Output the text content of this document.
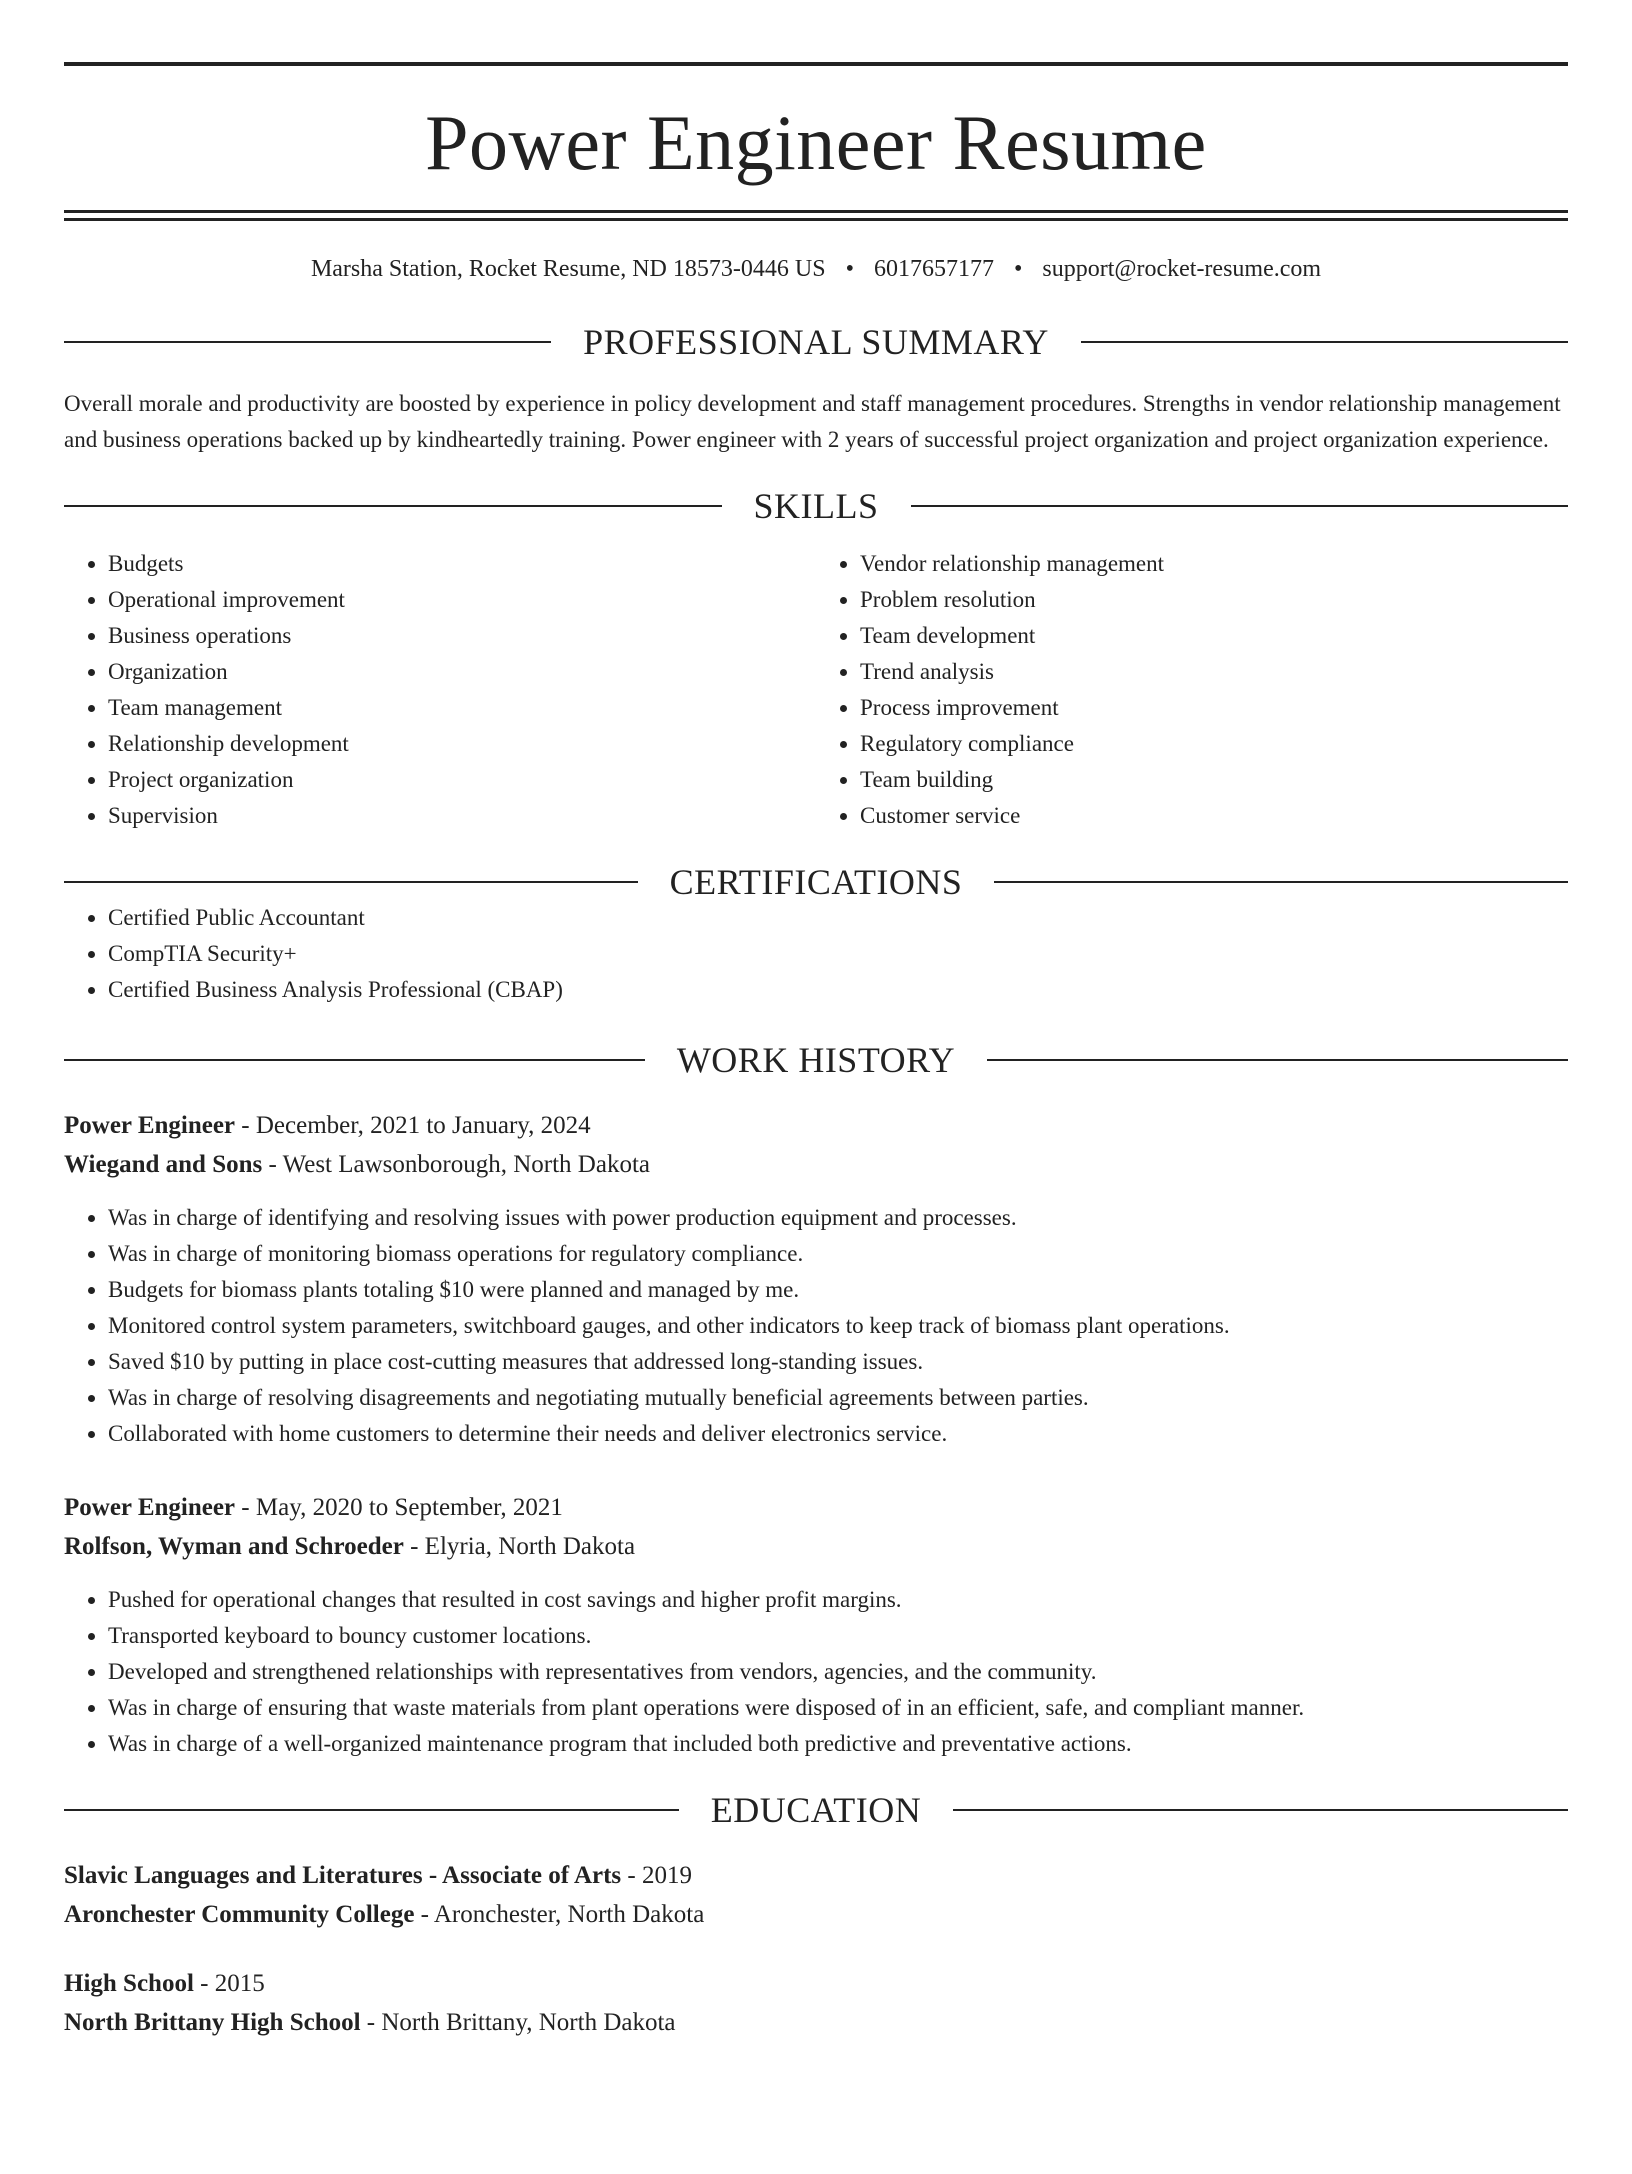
Power Engineer Resume
Marsha Station, Rocket Resume, ND 18573-0446 US • 6017657177 • support@rocket-resume.com
PROFESSIONAL SUMMARY

Overall morale and productivity are boosted by experience in policy development and staff management procedures. Strengths in vendor relationship management and business operations backed up by kindheartedly training. Power engineer with 2 years of successful project organization and project organization experience.

SKILLS
• Budgets
• Operational improvement
• Business operations
• Organization
• Team management
• Relationship development
• Project organization
• Supervision
• Vendor relationship management
• Problem resolution
• Team development
• Trend analysis
• Process improvement
• Regulatory compliance
• Team building
• Customer service
CERTIFICATIONS
• Certified Public Accountant
• CompTIA Security+
• Certified Business Analysis Professional (CBAP)
WORK HISTORY
Power Engineer - December, 2021 to January, 2024
Wiegand and Sons - West Lawsonborough, North Dakota
• Was in charge of identifying and resolving issues with power production equipment and processes.
• Was in charge of monitoring biomass operations for regulatory compliance.
• Budgets for biomass plants totaling $10 were planned and managed by me.
• Monitored control system parameters, switchboard gauges, and other indicators to keep track of biomass plant operations.
• Saved $10 by putting in place cost-cutting measures that addressed long-standing issues.
• Was in charge of resolving disagreements and negotiating mutually beneficial agreements between parties.
• Collaborated with home customers to determine their needs and deliver electronics service.
Power Engineer - May, 2020 to September, 2021
Rolfson, Wyman and Schroeder - Elyria, North Dakota
• Pushed for operational changes that resulted in cost savings and higher profit margins.
• Transported keyboard to bouncy customer locations.
• Developed and strengthened relationships with representatives from vendors, agencies, and the community.
• Was in charge of ensuring that waste materials from plant operations were disposed of in an efficient, safe, and compliant manner.
• Was in charge of a well-organized maintenance program that included both predictive and preventative actions.
EDUCATION
Slavic Languages and Literatures - Associate of Arts - 2019
Aronchester Community College - Aronchester, North Dakota
High School - 2015
North Brittany High School - North Brittany, North Dakota
